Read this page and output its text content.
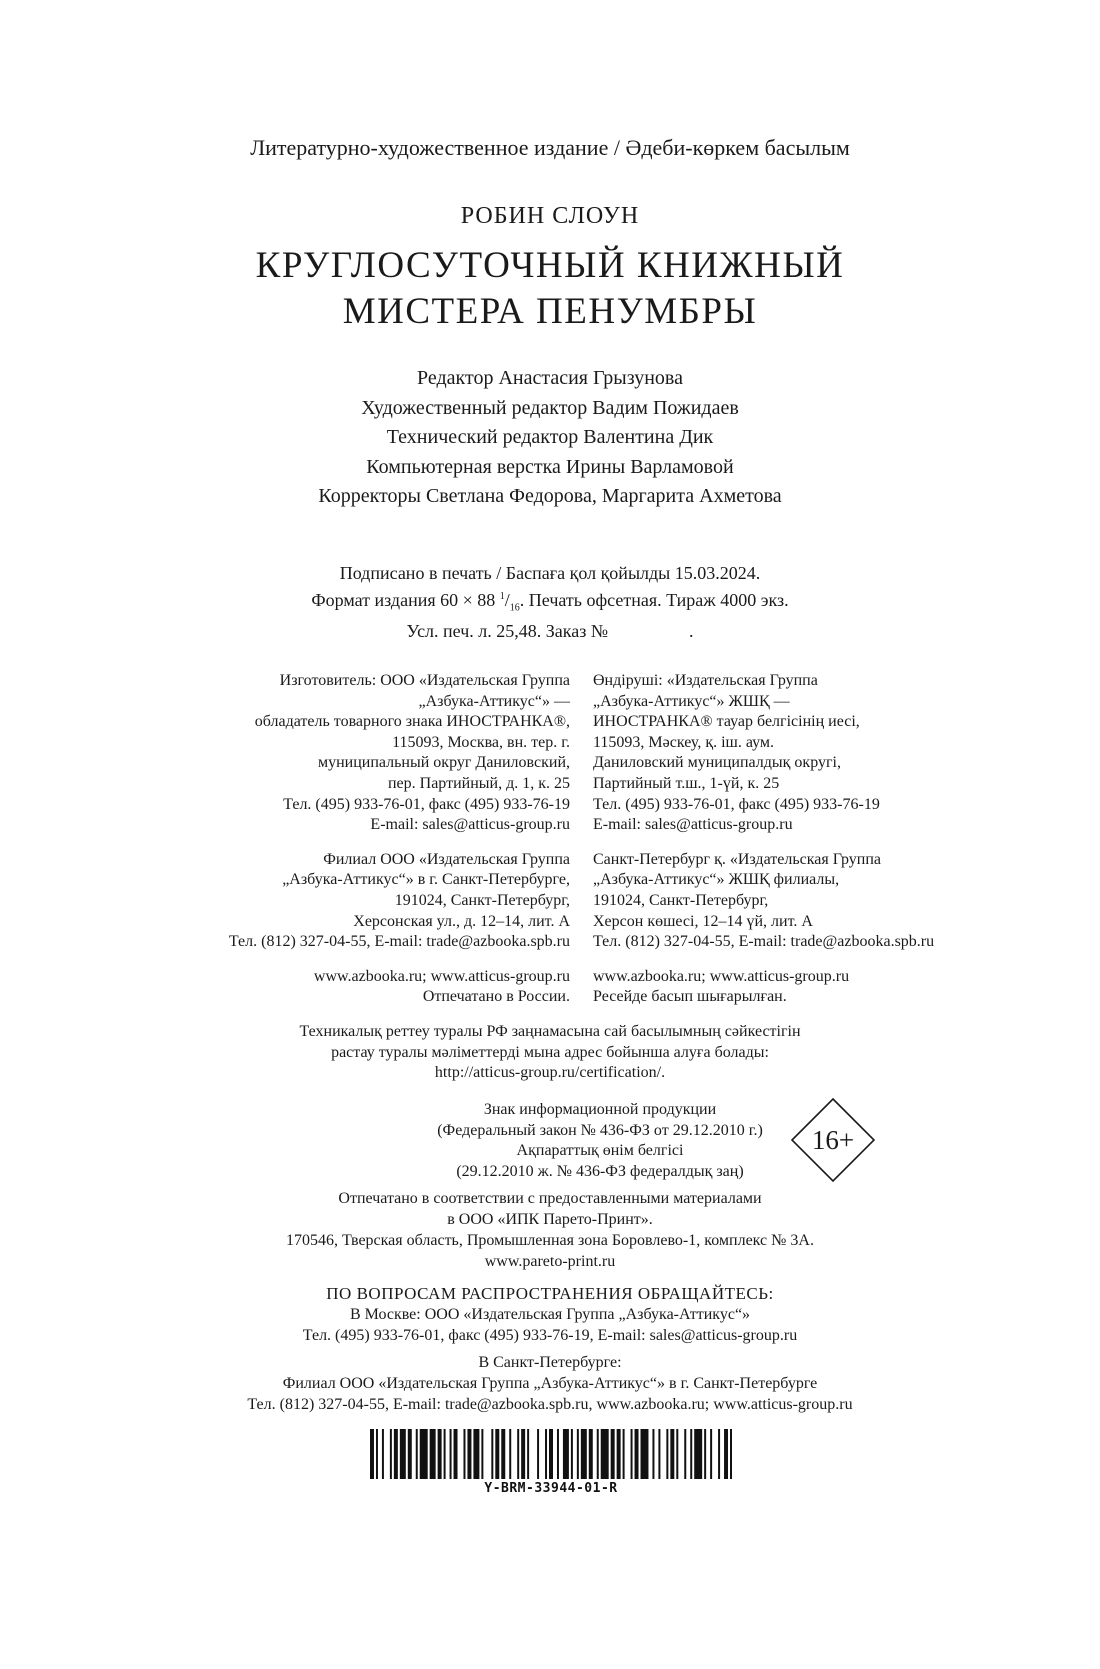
Литературно-художественное издание / Әдеби-көркем басылым
РОБИН СЛОУН
КРУГЛОСУТОЧНЫЙ КНИЖНЫЙ
МИСТЕРА ПЕНУМБРЫ
Редактор Анастасия Грызунова
Художественный редактор Вадим Пожидаев
Технический редактор Валентина Дик
Компьютерная верстка Ирины Варламовой
Корректоры Светлана Федорова, Маргарита Ахметова
Подписано в печать / Баспаға қол қойылды 15.03.2024.
Формат издания 60 × 88 $^1/_{16}$. Печать офсетная. Тираж 4000 экз.
Усл. печ. л. 25,48. Заказ №                  .

Изготовитель: ООО «Издательская Группа

„Азбука-Аттикус“» —

обладатель товарного знака ИНОСТРАНКА®,

115093, Москва, вн. тер. г.

муниципальный округ Даниловский,

пер. Партийный, д. 1, к. 25

Тел. (495) 933-76-01, факс (495) 933-76-19

E-mail: sales@atticus-group.ru

Филиал ООО «Издательская Группа

„Азбука-Аттикус“» в г. Санкт-Петербурге,

191024, Санкт-Петербург,

Херсонская ул., д. 12–14, лит. А

Тел. (812) 327-04-55, E-mail: trade@azbooka.spb.ru

www.azbooka.ru; www.atticus-group.ru

Отпечатано в России.

Өндіруші: «Издательская Группа

„Азбука-Аттикус“» ЖШҚ —

ИНОСТРАНКА® тауар белгісінің иесі,

115093, Мәскеу, қ. іш. аум.

Даниловский муниципалдық округі,

Партийный т.ш., 1-үй, к. 25

Тел. (495) 933-76-01, факс (495) 933-76-19

E-mail: sales@atticus-group.ru

Санкт-Петербург қ. «Издательская Группа

„Азбука-Аттикус“» ЖШҚ филиалы,

191024, Санкт-Петербург,

Херсон көшесі, 12–14 үй, лит. А

Тел. (812) 327-04-55, E-mail: trade@azbooka.spb.ru

www.azbooka.ru; www.atticus-group.ru

Ресейде басып шығарылған.

Техникалық реттеу туралы РФ заңнамасына сай басылымның сәйкестігін
растау туралы мәліметтерді мына адрес бойынша алуға болады:
http://atticus-group.ru/certification/.
Знак информационной продукции
(Федеральный закон № 436-ФЗ от 29.12.2010 г.)
Ақпараттық өнім белгісі
(29.12.2010 ж. № 436-ФЗ федералдық заң)
16+
Отпечатано в соответствии с предоставленными материалами
в ООО «ИПК Парето-Принт».
170546, Тверская область, Промышленная зона Боровлево-1, комплекс № 3А.
www.pareto-print.ru
ПО ВОПРОСАМ РАСПРОСТРАНЕНИЯ ОБРАЩАЙТЕСЬ:
В Москве: ООО «Издательская Группа „Азбука-Аттикус“»
Тел. (495) 933-76-01, факс (495) 933-76-19, E-mail: sales@atticus-group.ru
В Санкт-Петербурге:
Филиал ООО «Издательская Группа „Азбука-Аттикус“» в г. Санкт-Петербурге
Тел. (812) 327-04-55, E-mail: trade@azbooka.spb.ru, www.azbooka.ru; www.atticus-group.ru
Y-BRM-33944-01-R
